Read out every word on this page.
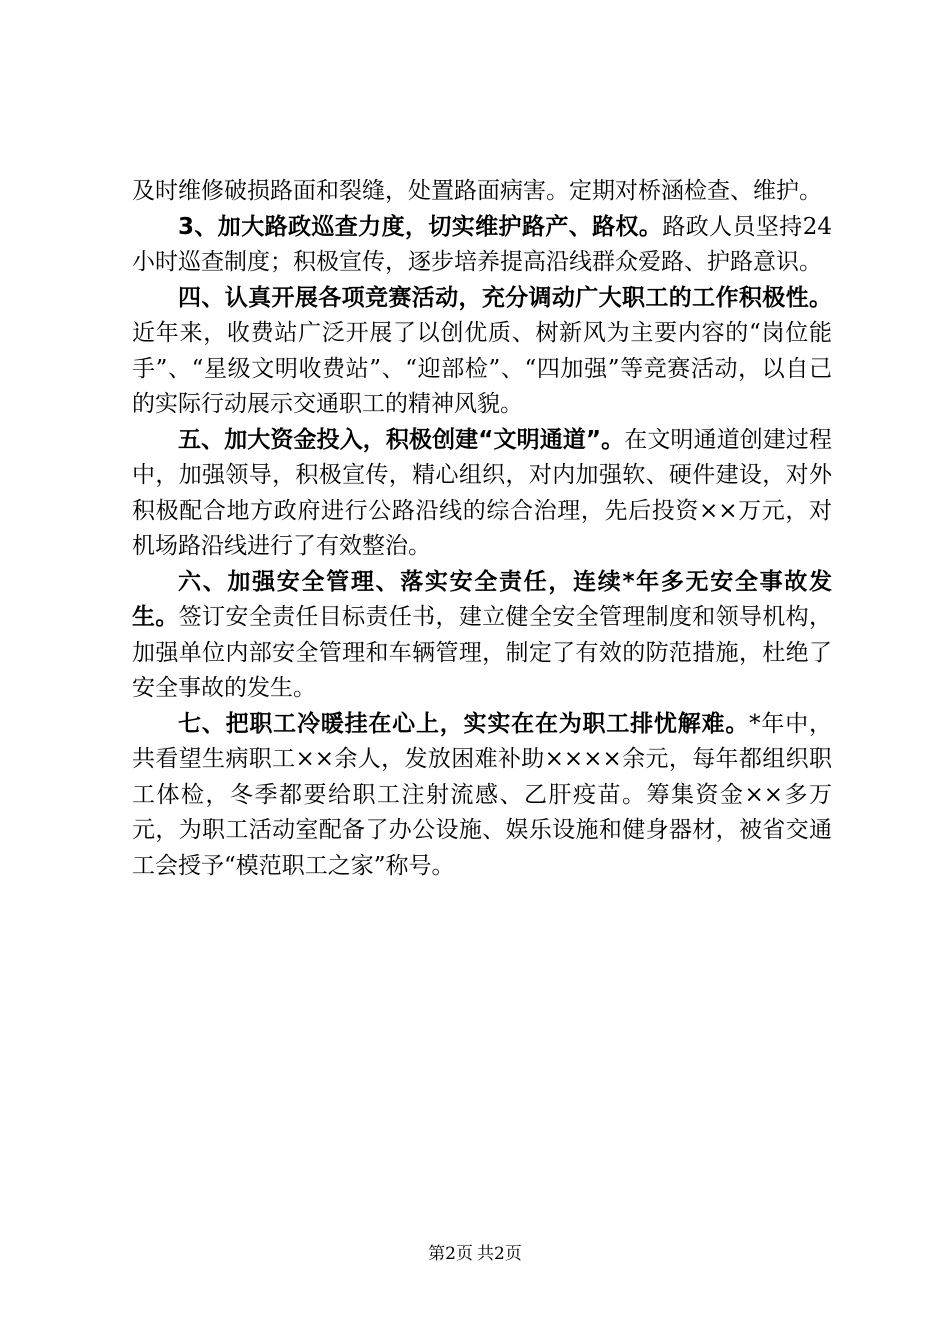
及时维修破损路面和裂缝，处置路面病害。定期对桥涵检查、维护。

3、加大路政巡查力度，切实维护路产、路权。路政人员坚持24小时巡查制度；积极宣传，逐步培养提高沿线群众爱路、护路意识。

四、认真开展各项竞赛活动，充分调动广大职工的工作积极性。近年来，收费站广泛开展了以创优质、树新风为主要内容的“岗位能手”、“星级文明收费站”、“迎部检”、“四加强”等竞赛活动，以自己的实际行动展示交通职工的精神风貌。

五、加大资金投入，积极创建“文明通道”。在文明通道创建过程中，加强领导，积极宣传，精心组织，对内加强软、硬件建设，对外积极配合地方政府进行公路沿线的综合治理，先后投资××万元，对机场路沿线进行了有效整治。

六、加强安全管理、落实安全责任，连续*年多无安全事故发生。签订安全责任目标责任书，建立健全安全管理制度和领导机构，加强单位内部安全管理和车辆管理，制定了有效的防范措施，杜绝了安全事故的发生。

七、把职工冷暖挂在心上，实实在在为职工排忧解难。*年中，共看望生病职工××余人，发放困难补助××××余元，每年都组织职工体检，冬季都要给职工注射流感、乙肝疫苗。筹集资金××多万元，为职工活动室配备了办公设施、娱乐设施和健身器材，被省交通工会授予“模范职工之家”称号。

第2页 共2页
